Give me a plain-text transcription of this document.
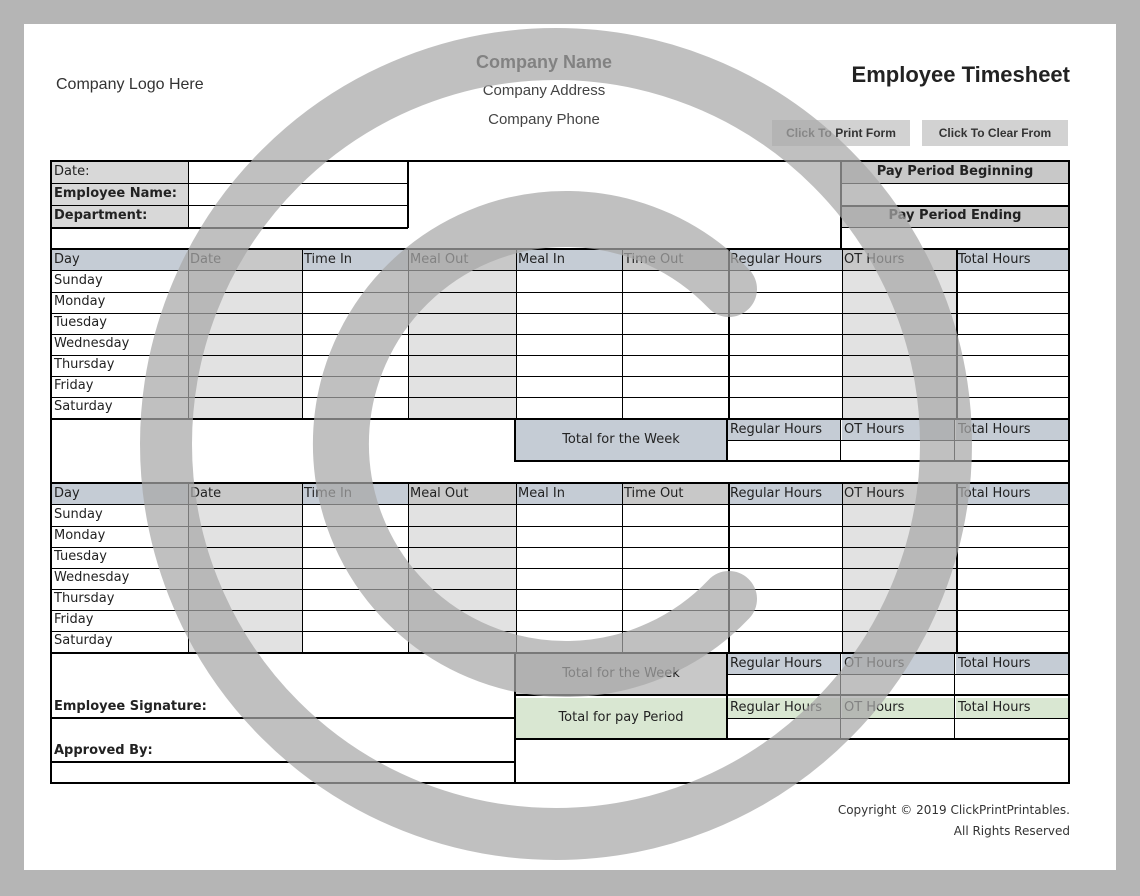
Company Logo Here
Company Name
Company Address
Company Phone
Employee Timesheet
Click To Print Form	Click To Clear From
Date:
Employee Name:
Department:
Pay Period Beginning
Pay Period Ending
Day	Date	Time In	Meal Out	Meal In	Time Out	Regular Hours	OT Hours	Total Hours
Sunday
Monday
Tuesday
Wednesday
Thursday
Friday
Saturday
Total for the Week
Regular Hours	OT Hours	Total Hours
Day	Date	Time In	Meal Out	Meal In	Time Out	Regular Hours	OT Hours	Total Hours
Sunday
Monday
Tuesday
Wednesday
Thursday
Friday
Saturday
Total for the Week
Regular Hours	OT Hours	Total Hours
Total for pay Period
Regular Hours	OT Hours	Total Hours
Employee Signature:
Approved By:
Copyright © 2019 ClickPrintPrintables.
All Rights Reserved
